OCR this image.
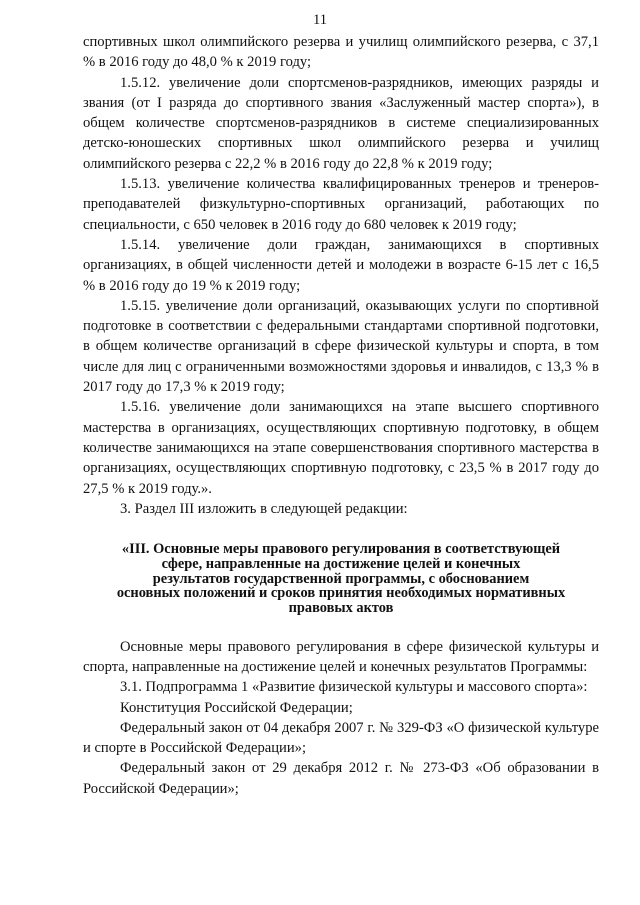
11

спортивных школ олимпийского резерва и училищ олимпийского резерва, с 37,1 % в 2016 году до 48,0 % к 2019 году;

1.5.12. увеличение доли спортсменов-разрядников, имеющих разряды и звания (от I разряда до спортивного звания «Заслуженный мастер спорта»), в общем количестве спортсменов-разрядников в системе специализированных детско-юношеских спортивных школ олимпийского резерва и училищ олимпийского резерва с 22,2 % в 2016 году до 22,8 % к 2019 году;

1.5.13. увеличение количества квалифицированных тренеров и тренеров-преподавателей физкультурно-спортивных организаций, работающих по специальности, с 650 человек в 2016 году до 680 человек к 2019 году;

1.5.14. увеличение доли граждан, занимающихся в спортивных организациях, в общей численности детей и молодежи в возрасте 6-15 лет с 16,5 % в 2016 году до 19 % к 2019 году;

1.5.15. увеличение доли организаций, оказывающих услуги по спортивной подготовке в соответствии с федеральными стандартами спортивной подготовки, в общем количестве организаций в сфере физической культуры и спорта, в том числе для лиц с ограниченными возможностями здоровья и инвалидов, с 13,3 % в 2017 году до 17,3 % к 2019 году;

1.5.16. увеличение доли занимающихся на этапе высшего спортивного мастерства в организациях, осуществляющих спортивную подготовку, в общем количестве занимающихся на этапе совершенствования спортивного мастерства в организациях, осуществляющих спортивную подготовку, с 23,5 % в 2017 году до 27,5 % к 2019 году.».

3. Раздел III изложить в следующей редакции:

«III. Основные меры правового регулирования в соответствующей
сфере, направленные на достижение целей и конечных
результатов государственной программы, с обоснованием
основных положений и сроков принятия необходимых нормативных
правовых актов

Основные меры правового регулирования в сфере физической культуры и спорта, направленные на достижение целей и конечных результатов Программы:

3.1. Подпрограмма 1 «Развитие физической культуры и массового спорта»:

Конституция Российской Федерации;

Федеральный закон от 04 декабря 2007 г. № 329-ФЗ «О физической культуре и спорте в Российской Федерации»;

Федеральный закон от 29 декабря 2012 г. № 273-ФЗ «Об образовании в Российской Федерации»;
